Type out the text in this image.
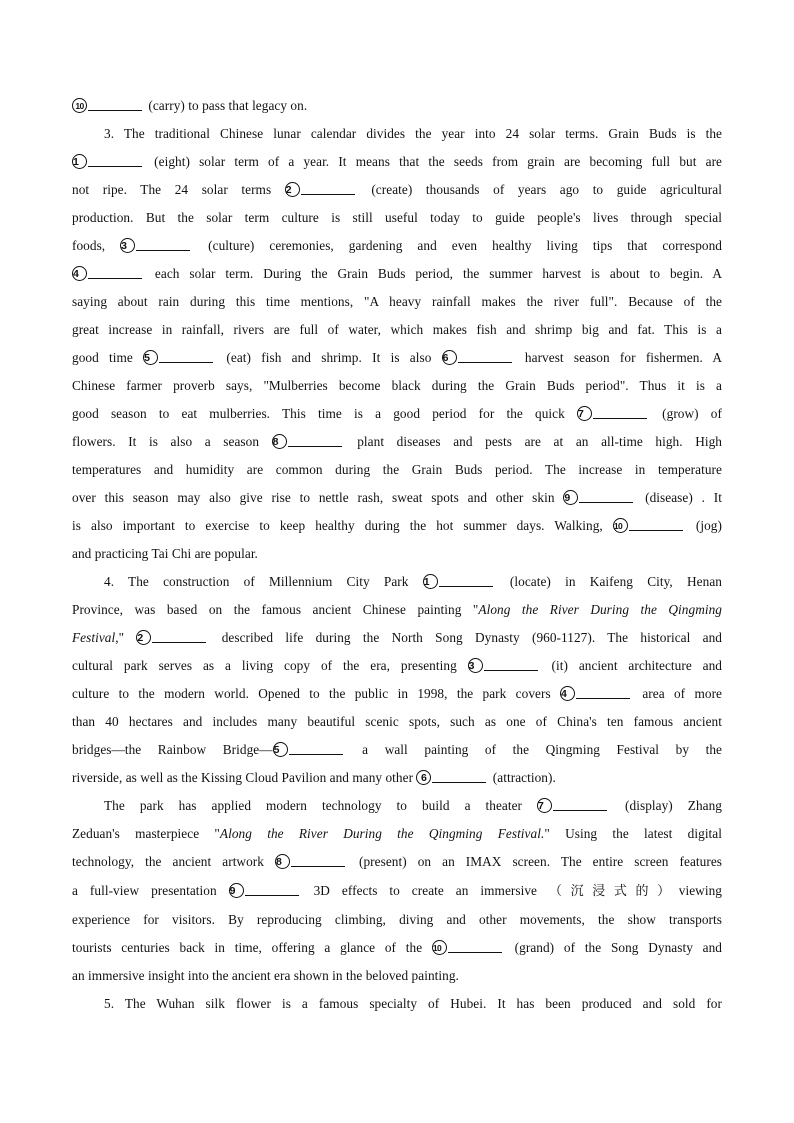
10	(carry) to pass that legacy on.
3. The traditional Chinese lunar calendar divides the year into 24 solar terms. Grain Buds is the
1	(eight) solar term of a year. It means that the seeds from grain are becoming full but are
not ripe. The 24 solar terms 2	(create) thousands of years ago to guide agricultural
production. But the solar term culture is still useful today to guide people's lives through special
foods, 3	(culture) ceremonies, gardening and even healthy living tips that correspond
4	each solar term. During the Grain Buds period, the summer harvest is about to begin. A
saying about rain during this time mentions, "A heavy rainfall makes the river full". Because of the
great increase in rainfall, rivers are full of water, which makes fish and shrimp big and fat. This is a
good time 5	(eat) fish and shrimp. It is also 6	harvest season for fishermen. A
Chinese farmer proverb says, "Mulberries become black during the Grain Buds period". Thus it is a
good season to eat mulberries. This time is a good period for the quick 7	(grow) of
flowers. It is also a season 8	plant diseases and pests are at an all-time high. High
temperatures and humidity are common during the Grain Buds period. The increase in temperature
over this season may also give rise to nettle rash, sweat spots and other skin 9	(disease) . It
is also important to exercise to keep healthy during the hot summer days. Walking, 10	(jog)
and practicing Tai Chi are popular.
4. The construction of Millennium City Park 1	(locate) in Kaifeng City, Henan
Province, was based on the famous ancient Chinese painting "Along the River During the Qingming
Festival," 2	described life during the North Song Dynasty (960-1127). The historical and
cultural park serves as a living copy of the era, presenting 3	(it) ancient architecture and
culture to the modern world. Opened to the public in 1998, the park covers 4	area of more
than 40 hectares and includes many beautiful scenic spots, such as one of China's ten famous ancient
bridges—the Rainbow Bridge—5	a wall painting of the Qingming Festival by the
riverside, as well as the Kissing Cloud Pavilion and many other 6	(attraction).
The park has applied modern technology to build a theater 7	(display) Zhang
Zeduan's masterpiece "Along the River During the Qingming Festival." Using the latest digital
technology, the ancient artwork 8	(present) on an IMAX screen. The entire screen features
a full-view presentation 9	3D effects to create an immersive （沉浸式的）viewing
experience for visitors. By reproducing climbing, diving and other movements, the show transports
tourists centuries back in time, offering a glance of the 10	(grand) of the Song Dynasty and
an immersive insight into the ancient era shown in the beloved painting.
5. The Wuhan silk flower is a famous specialty of Hubei. It has been produced and sold for
